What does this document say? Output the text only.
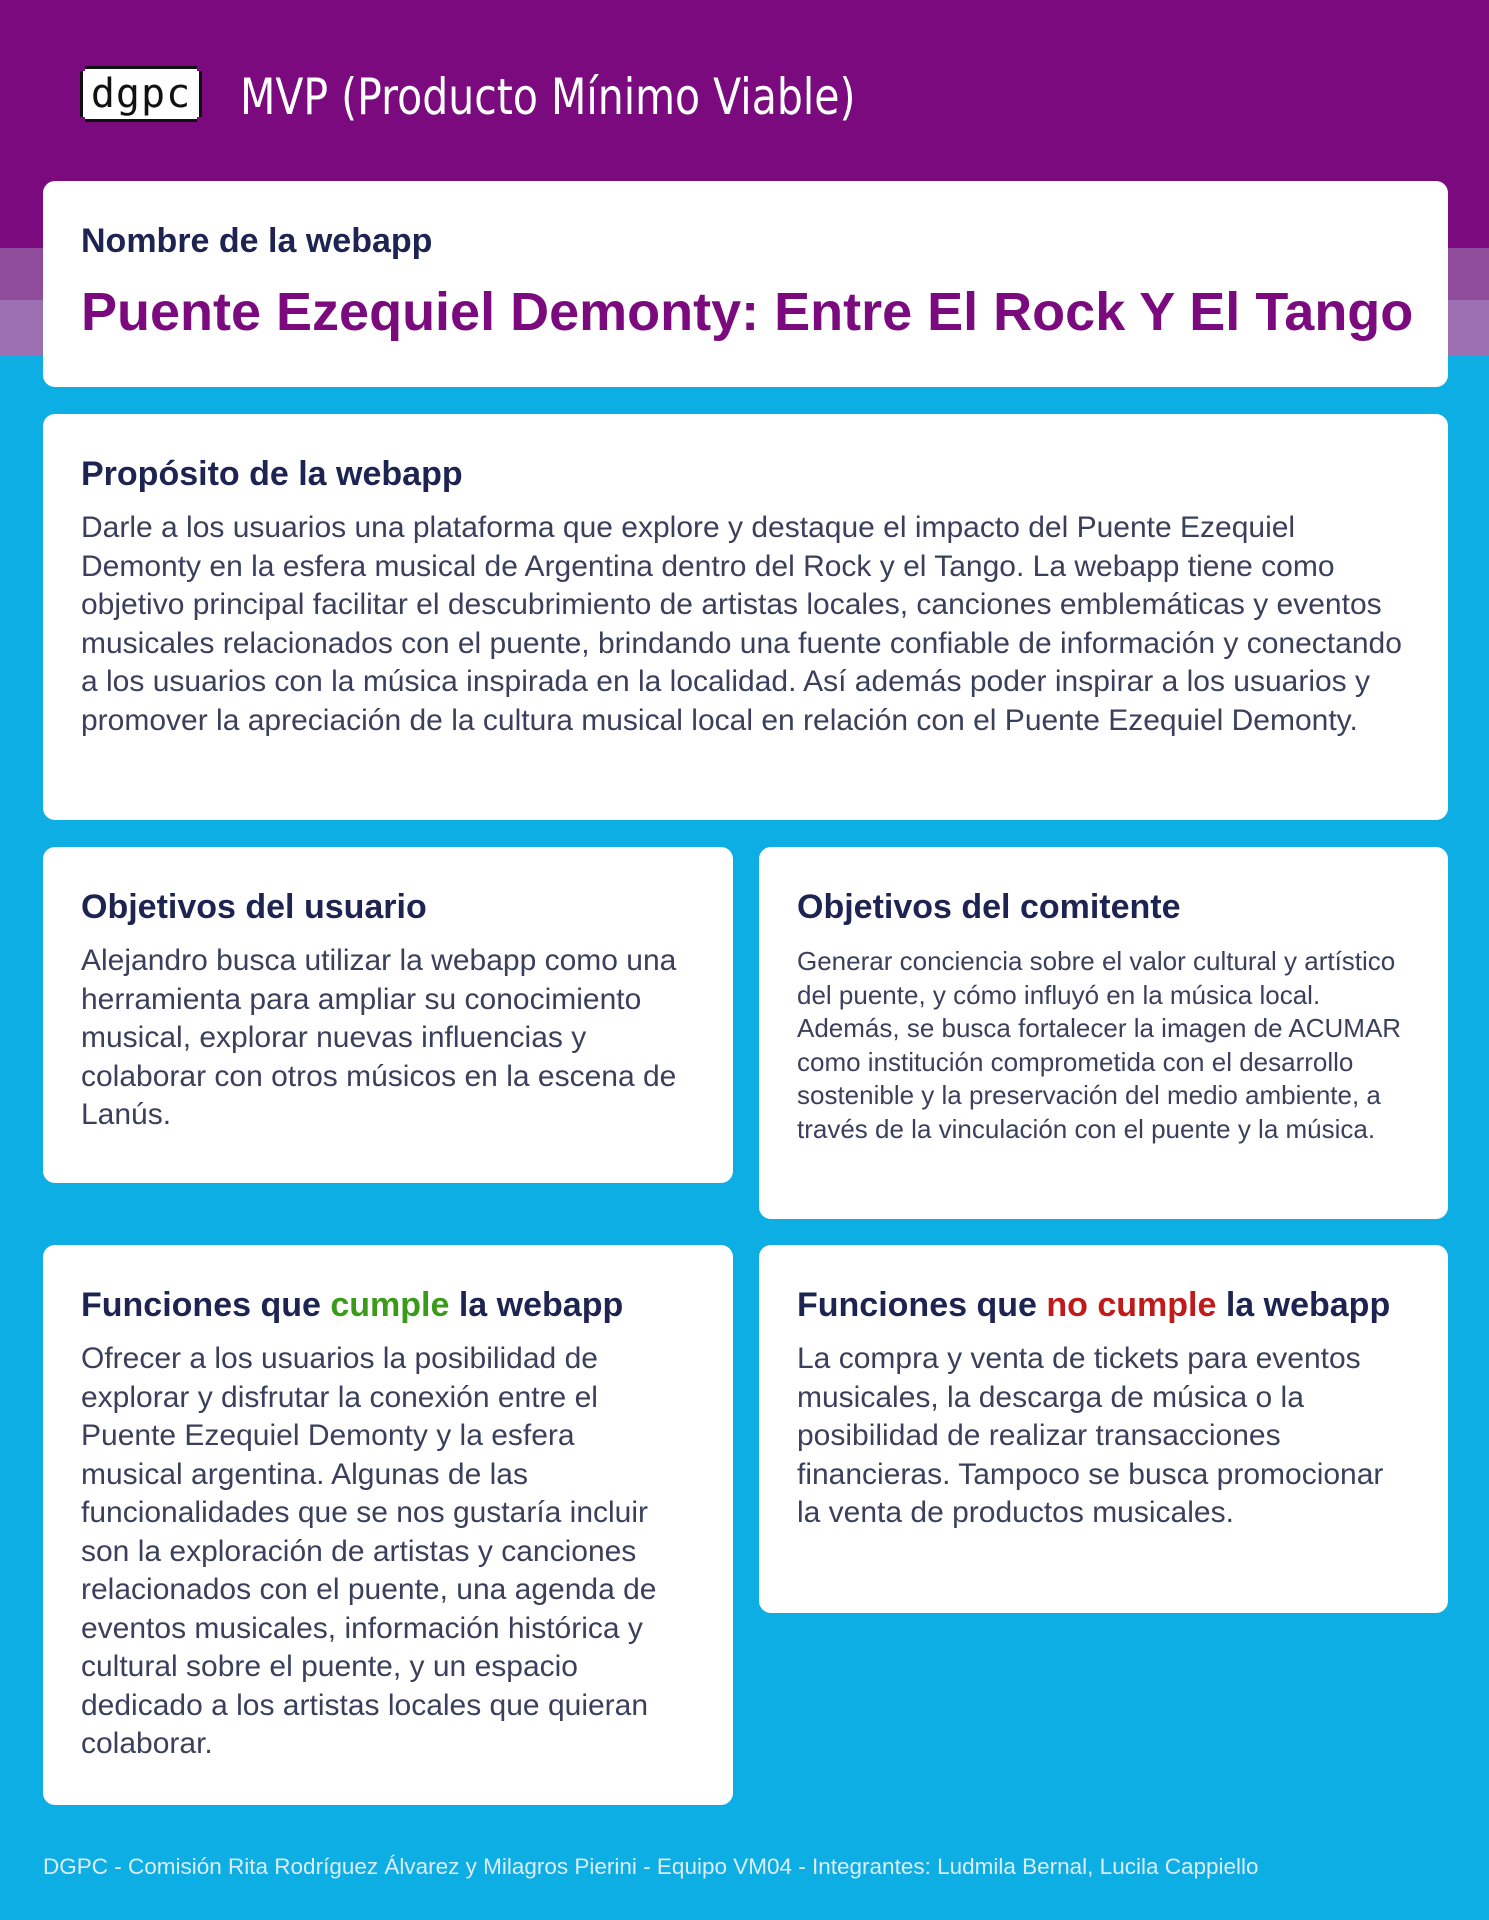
dgpc MVP (Producto Mínimo Viable)
Nombre de la webapp
Puente Ezequiel Demonty: Entre El Rock Y El Tango
Propósito de la webapp

Darle a los usuarios una plataforma que explore y destaque el impacto del Puente Ezequiel Demonty en la esfera musical de Argentina dentro del Rock y el Tango. La webapp tiene como objetivo principal facilitar el descubrimiento de artistas locales, canciones emblemáticas y eventos musicales relacionados con el puente, brindando una fuente confiable de información y conectando a los usuarios con la música inspirada en la localidad. Así además poder inspirar a los usuarios y promover la apreciación de la cultura musical local en relación con el Puente Ezequiel Demonty.

Objetivos del usuario

Alejandro busca utilizar la webapp como una herramienta para ampliar su conocimiento musical, explorar nuevas influencias y colaborar con otros músicos en la escena de Lanús.

Objetivos del comitente

Generar conciencia sobre el valor cultural y artístico del puente, y cómo influyó en la música local. Además, se busca fortalecer la imagen de ACUMAR como institución comprometida con el desarrollo sostenible y la preservación del medio ambiente, a través de la vinculación con el puente y la música.

Funciones que cumple la webapp

Ofrecer a los usuarios la posibilidad de explorar y disfrutar la conexión entre el Puente Ezequiel Demonty y la esfera musical argentina. Algunas de las funcionalidades que se nos gustaría incluir son la exploración de artistas y canciones relacionados con el puente, una agenda de eventos musicales, información histórica y cultural sobre el puente, y un espacio dedicado a los artistas locales que quieran colaborar.

Funciones que no cumple la webapp

La compra y venta de tickets para eventos musicales, la descarga de música o la posibilidad de realizar transacciones financieras. Tampoco se busca promocionar la venta de productos musicales.

DGPC - Comisión Rita Rodríguez Álvarez y Milagros Pierini - Equipo VM04 - Integrantes: Ludmila Bernal, Lucila Cappiello
